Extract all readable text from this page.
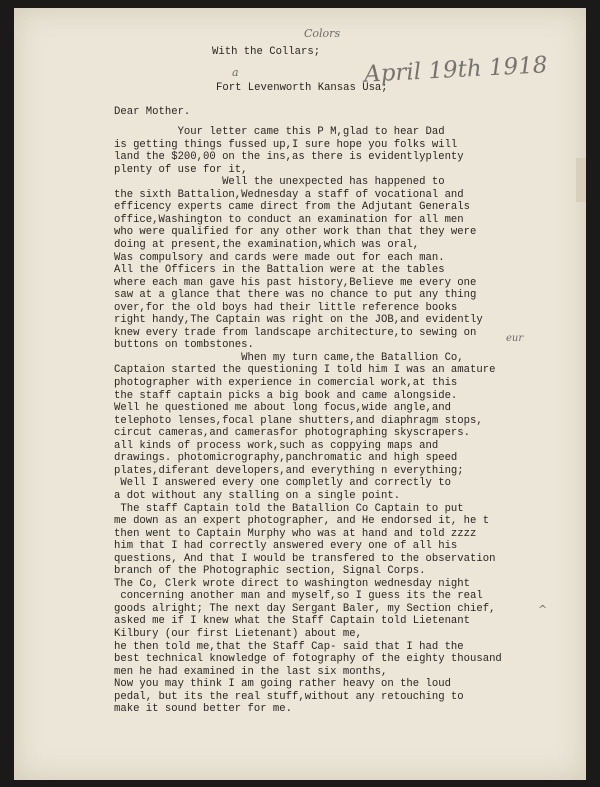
With the Collars;
Colors
a
Fort Levenworth Kansas Usa;
April 19th 1918
Dear Mother.
Your letter came this P M,glad to hear Dad
is getting things fussed up,I sure hope you folks will
land the $200,00 on the ins,as there is evidentlyplenty
plenty of use for it,
Well the unexpected has happened to
the sixth Battalion,Wednesday a staff of vocational and
efficency experts came direct from the Adjutant Generals
office,Washington to conduct an examination for all men
who were qualified for any other work than that they were
doing at present,the examination,which was oral,
Was compulsory and cards were made out for each man.
All the Officers in the Battalion were at the tables
where each man gave his past history,Believe me every one
saw at a glance that there was no chance to put any thing
over,for the old boys had their little reference books
right handy,The Captain was right on the JOB,and evidently
knew every trade from landscape architecture,to sewing on
buttons on tombstones.
When my turn came,the Batallion Co,
Captaion started the questioning I told him I was an amature
photographer with experience in comercial work,at this
the staff captain picks a big book and came alongside.
Well he questioned me about long focus,wide angle,and
telephoto lenses,focal plane shutters,and diaphragm stops,
circut cameras,and camerasfor photographing skyscrapers.
all kinds of process work,such as coppying maps and
drawings. photomicrography,panchromatic and high speed
plates,diferant developers,and everything n everything;
Well I answered every one completly and correctly to
a dot without any stalling on a single point.
The staff Captain told the Batallion Co Captain to put
me down as an expert photographer, and He endorsed it, he t
then went to Captain Murphy who was at hand and told zzzz
him that I had correctly answered every one of all his
questions, And that I would be transfered to the observation
branch of the Photographic section, Signal Corps.
The Co, Clerk wrote direct to washington wednesday night
concerning another man and myself,so I guess its the real
goods alright; The next day Sergant Baler, my Section chief,
asked me if I knew what the Staff Captain told Lietenant
Kilbury (our first Lietenant) about me,
he then told me,that the Staff Cap- said that I had the
best technical knowledge of fotography of the eighty thousand
men he had examined in the last six months,
Now you may think I am going rather heavy on the loud
pedal, but its the real stuff,without any retouching to
make it sound better for me.
eur
^
